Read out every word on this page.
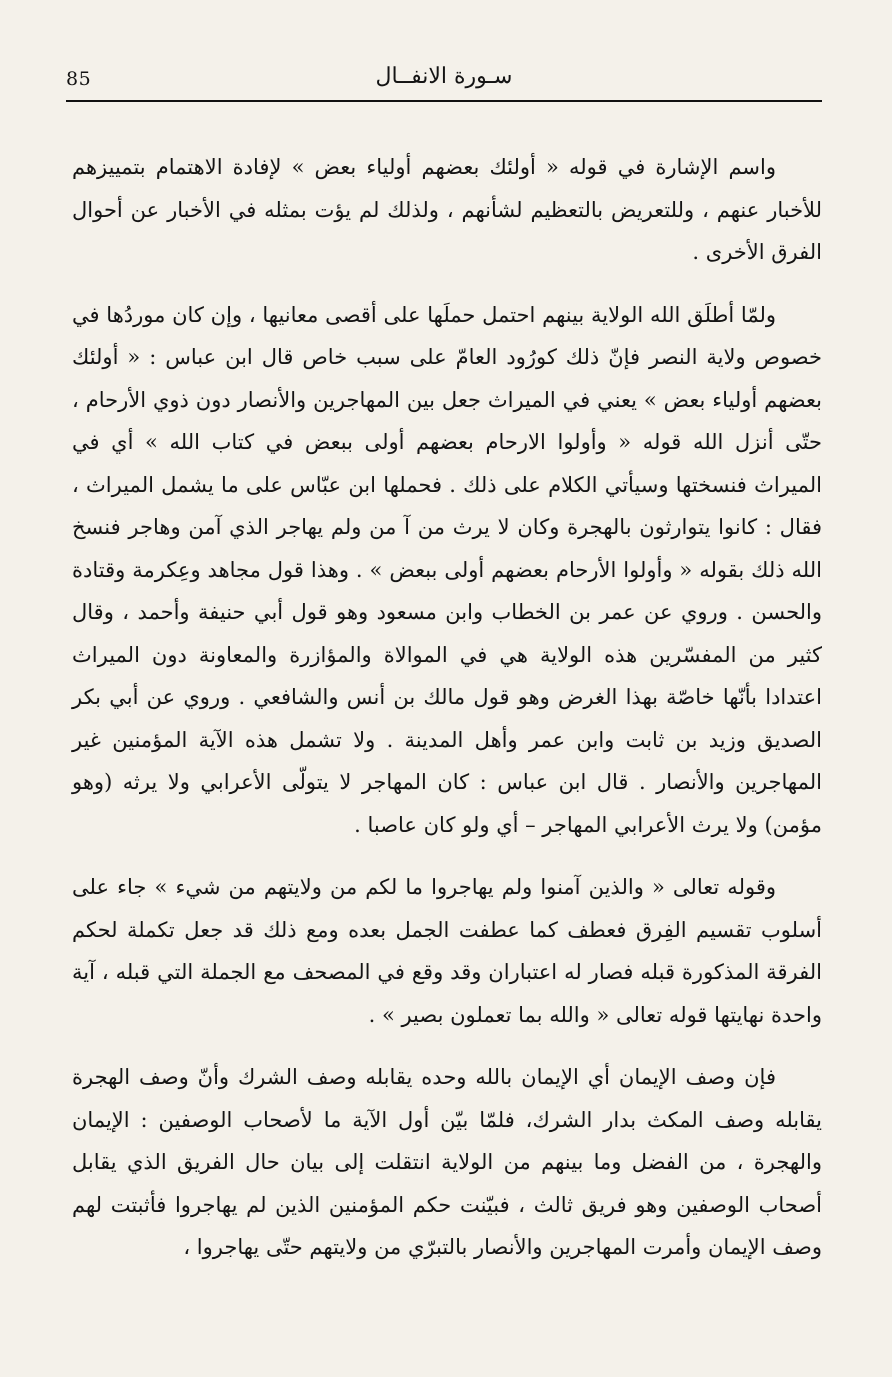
85	سـورة الانفــال

واسم الإشارة في قوله « أولئك بعضهم أولياء بعض » لإفادة الاهتمام بتمييزهم للأخبار عنهم ، وللتعريض بالتعظيم لشأنهم ، ولذلك لم يؤت بمثله في الأخبار عن أحوال الفرق الأخرى .

ولمّا أطلَق الله الولاية بينهم احتمل حملَها على أقصى معانيها ، وإن كان موردُها في خصوص ولاية النصر فإنّ ذلك كورُود العامّ على سبب خاص قال ابن عباس : « أولئك بعضهم أولياء بعض » يعني في الميراث جعل بين المهاجرين والأنصار دون ذوي الأرحام ، حتّى أنزل الله قوله « وأولوا الارحام بعضهم أولى ببعض في كتاب الله » أي في الميراث فنسختها وسيأتي الكلام على ذلك . فحملها ابن عبّاس على ما يشمل الميراث ، فقال : كانوا يتوارثون بالهجرة وكان لا يرث من آ من ولم يهاجر الذي آمن وهاجر فنسخ الله ذلك بقوله « وأولوا الأرحام بعضهم أولى ببعض » . وهذا قول مجاهد وعِكرمة وقتادة والحسن . وروي عن عمر بن الخطاب وابن مسعود وهو قول أبي حنيفة وأحمد ، وقال كثير من المفسّرين هذه الولاية هي في الموالاة والمؤازرة والمعاونة دون الميراث اعتدادا بأنّها خاصّة بهذا الغرض وهو قول مالك بن أنس والشافعي . وروي عن أبي بكر الصديق وزيد بن ثابت وابن عمر وأهل المدينة . ولا تشمل هذه الآية المؤمنين غير المهاجرين والأنصار . قال ابن عباس : كان المهاجر لا يتولّى الأعرابي ولا يرثه (وهو مؤمن) ولا يرث الأعرابي المهاجر – أي ولو كان عاصبا .

وقوله تعالى « والذين آمنوا ولم يهاجروا ما لكم من ولايتهم من شيء » جاء على أسلوب تقسيم الفِرق فعطف كما عطفت الجمل بعده ومع ذلك قد جعل تكملة لحكم الفرقة المذكورة قبله فصار له اعتباران وقد وقع في المصحف مع الجملة التي قبله ، آية واحدة نهايتها قوله تعالى « والله بما تعملون بصير » .

فإن وصف الإيمان أي الإيمان بالله وحده يقابله وصف الشرك وأنّ وصف الهجرة يقابله وصف المكث بدار الشرك، فلمّا بيّن أول الآية ما لأصحاب الوصفين : الإيمان والهجرة ، من الفضل وما بينهم من الولاية انتقلت إلى بيان حال الفريق الذي يقابل أصحاب الوصفين وهو فريق ثالث ، فبيّنت حكم المؤمنين الذين لم يهاجروا فأثبتت لهم وصف الإيمان وأمرت المهاجرين والأنصار بالتبرّي من ولايتهم حتّى يهاجروا ،
